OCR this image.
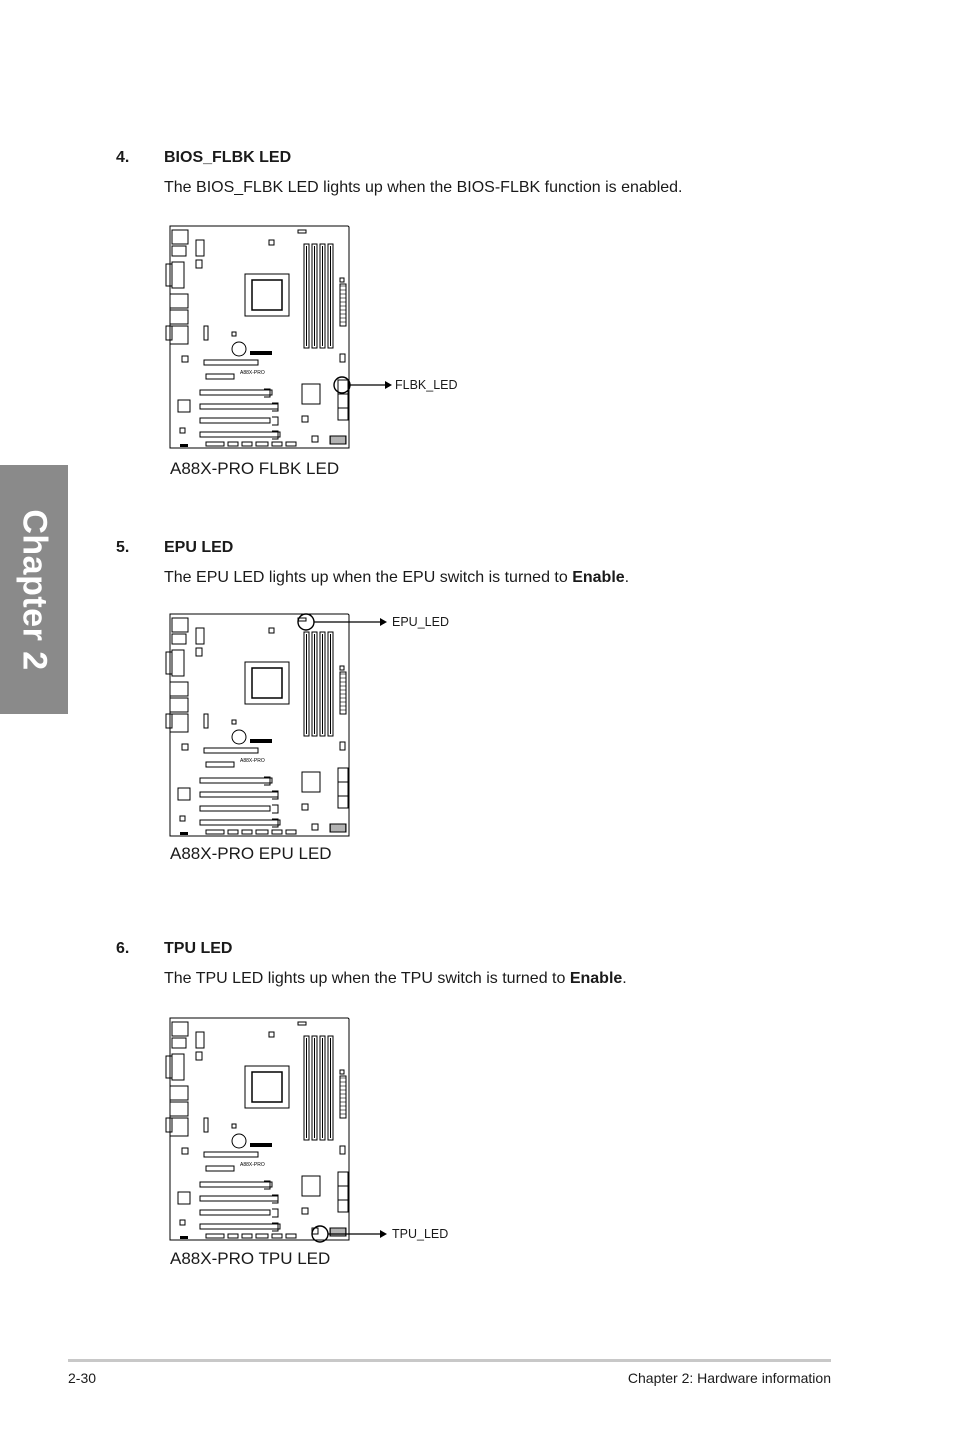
Chapter 2
4. BIOS_FLBK LED
The BIOS_FLBK LED lights up when the BIOS-FLBK function is enabled.
A88X-PRO
A88X-PRO FLBK LED
FLBK_LED
5. EPU LED
The EPU LED lights up when the EPU switch is turned to Enable.
A88X-PRO
A88X-PRO EPU LED
EPU_LED
6. TPU LED
The TPU LED lights up when the TPU switch is turned to Enable.
A88X-PRO
A88X-PRO TPU LED
TPU_LED
2-30	Chapter 2: Hardware information
